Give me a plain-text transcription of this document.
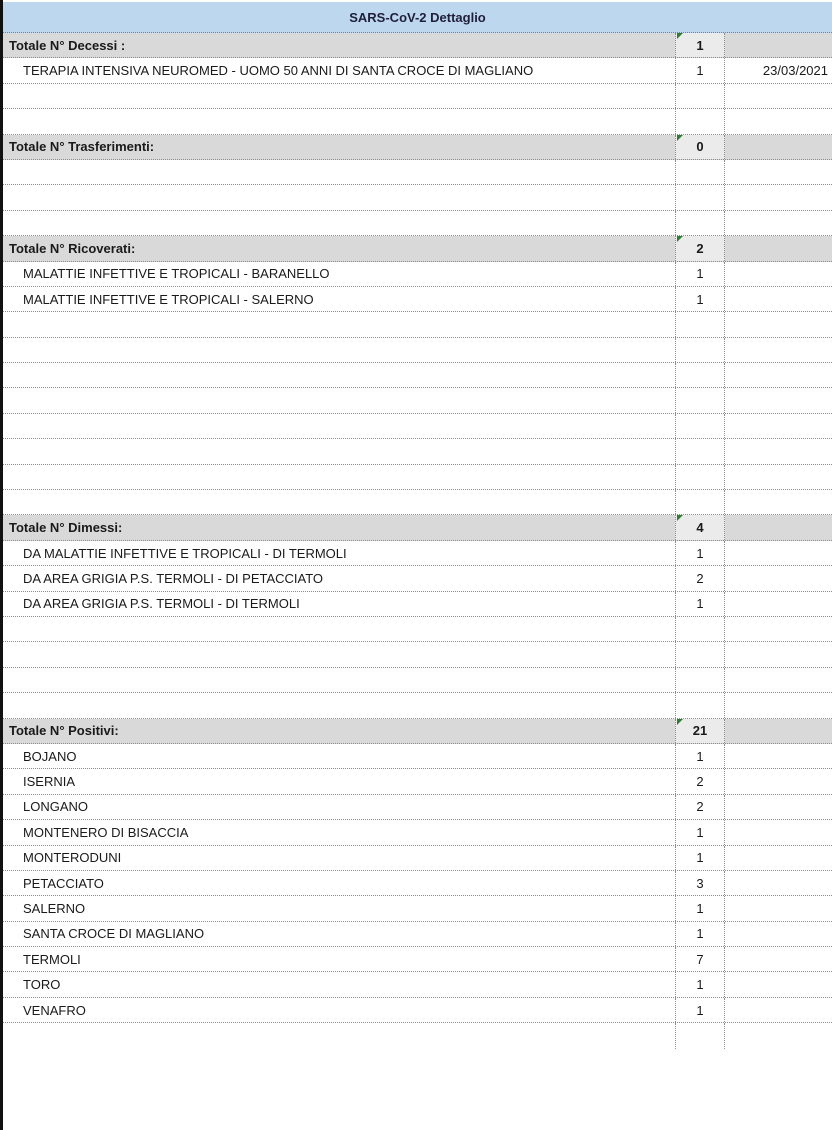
SARS-CoV-2 Dettaglio
Totale N° Decessi :	1
TERAPIA INTENSIVA NEUROMED - UOMO 50 ANNI DI SANTA CROCE DI MAGLIANO	1	23/03/2021
Totale N° Trasferimenti:	0
Totale N° Ricoverati:	2
MALATTIE INFETTIVE E TROPICALI - BARANELLO	1
MALATTIE INFETTIVE E TROPICALI - SALERNO	1
Totale N° Dimessi:	4
DA MALATTIE INFETTIVE E TROPICALI - DI TERMOLI	1
DA AREA GRIGIA P.S. TERMOLI - DI PETACCIATO	2
DA AREA GRIGIA P.S. TERMOLI - DI TERMOLI	1
Totale N° Positivi:	21
BOJANO	1
ISERNIA	2
LONGANO	2
MONTENERO DI BISACCIA	1
MONTERODUNI	1
PETACCIATO	3
SALERNO	1
SANTA CROCE DI MAGLIANO	1
TERMOLI	7
TORO	1
VENAFRO	1
